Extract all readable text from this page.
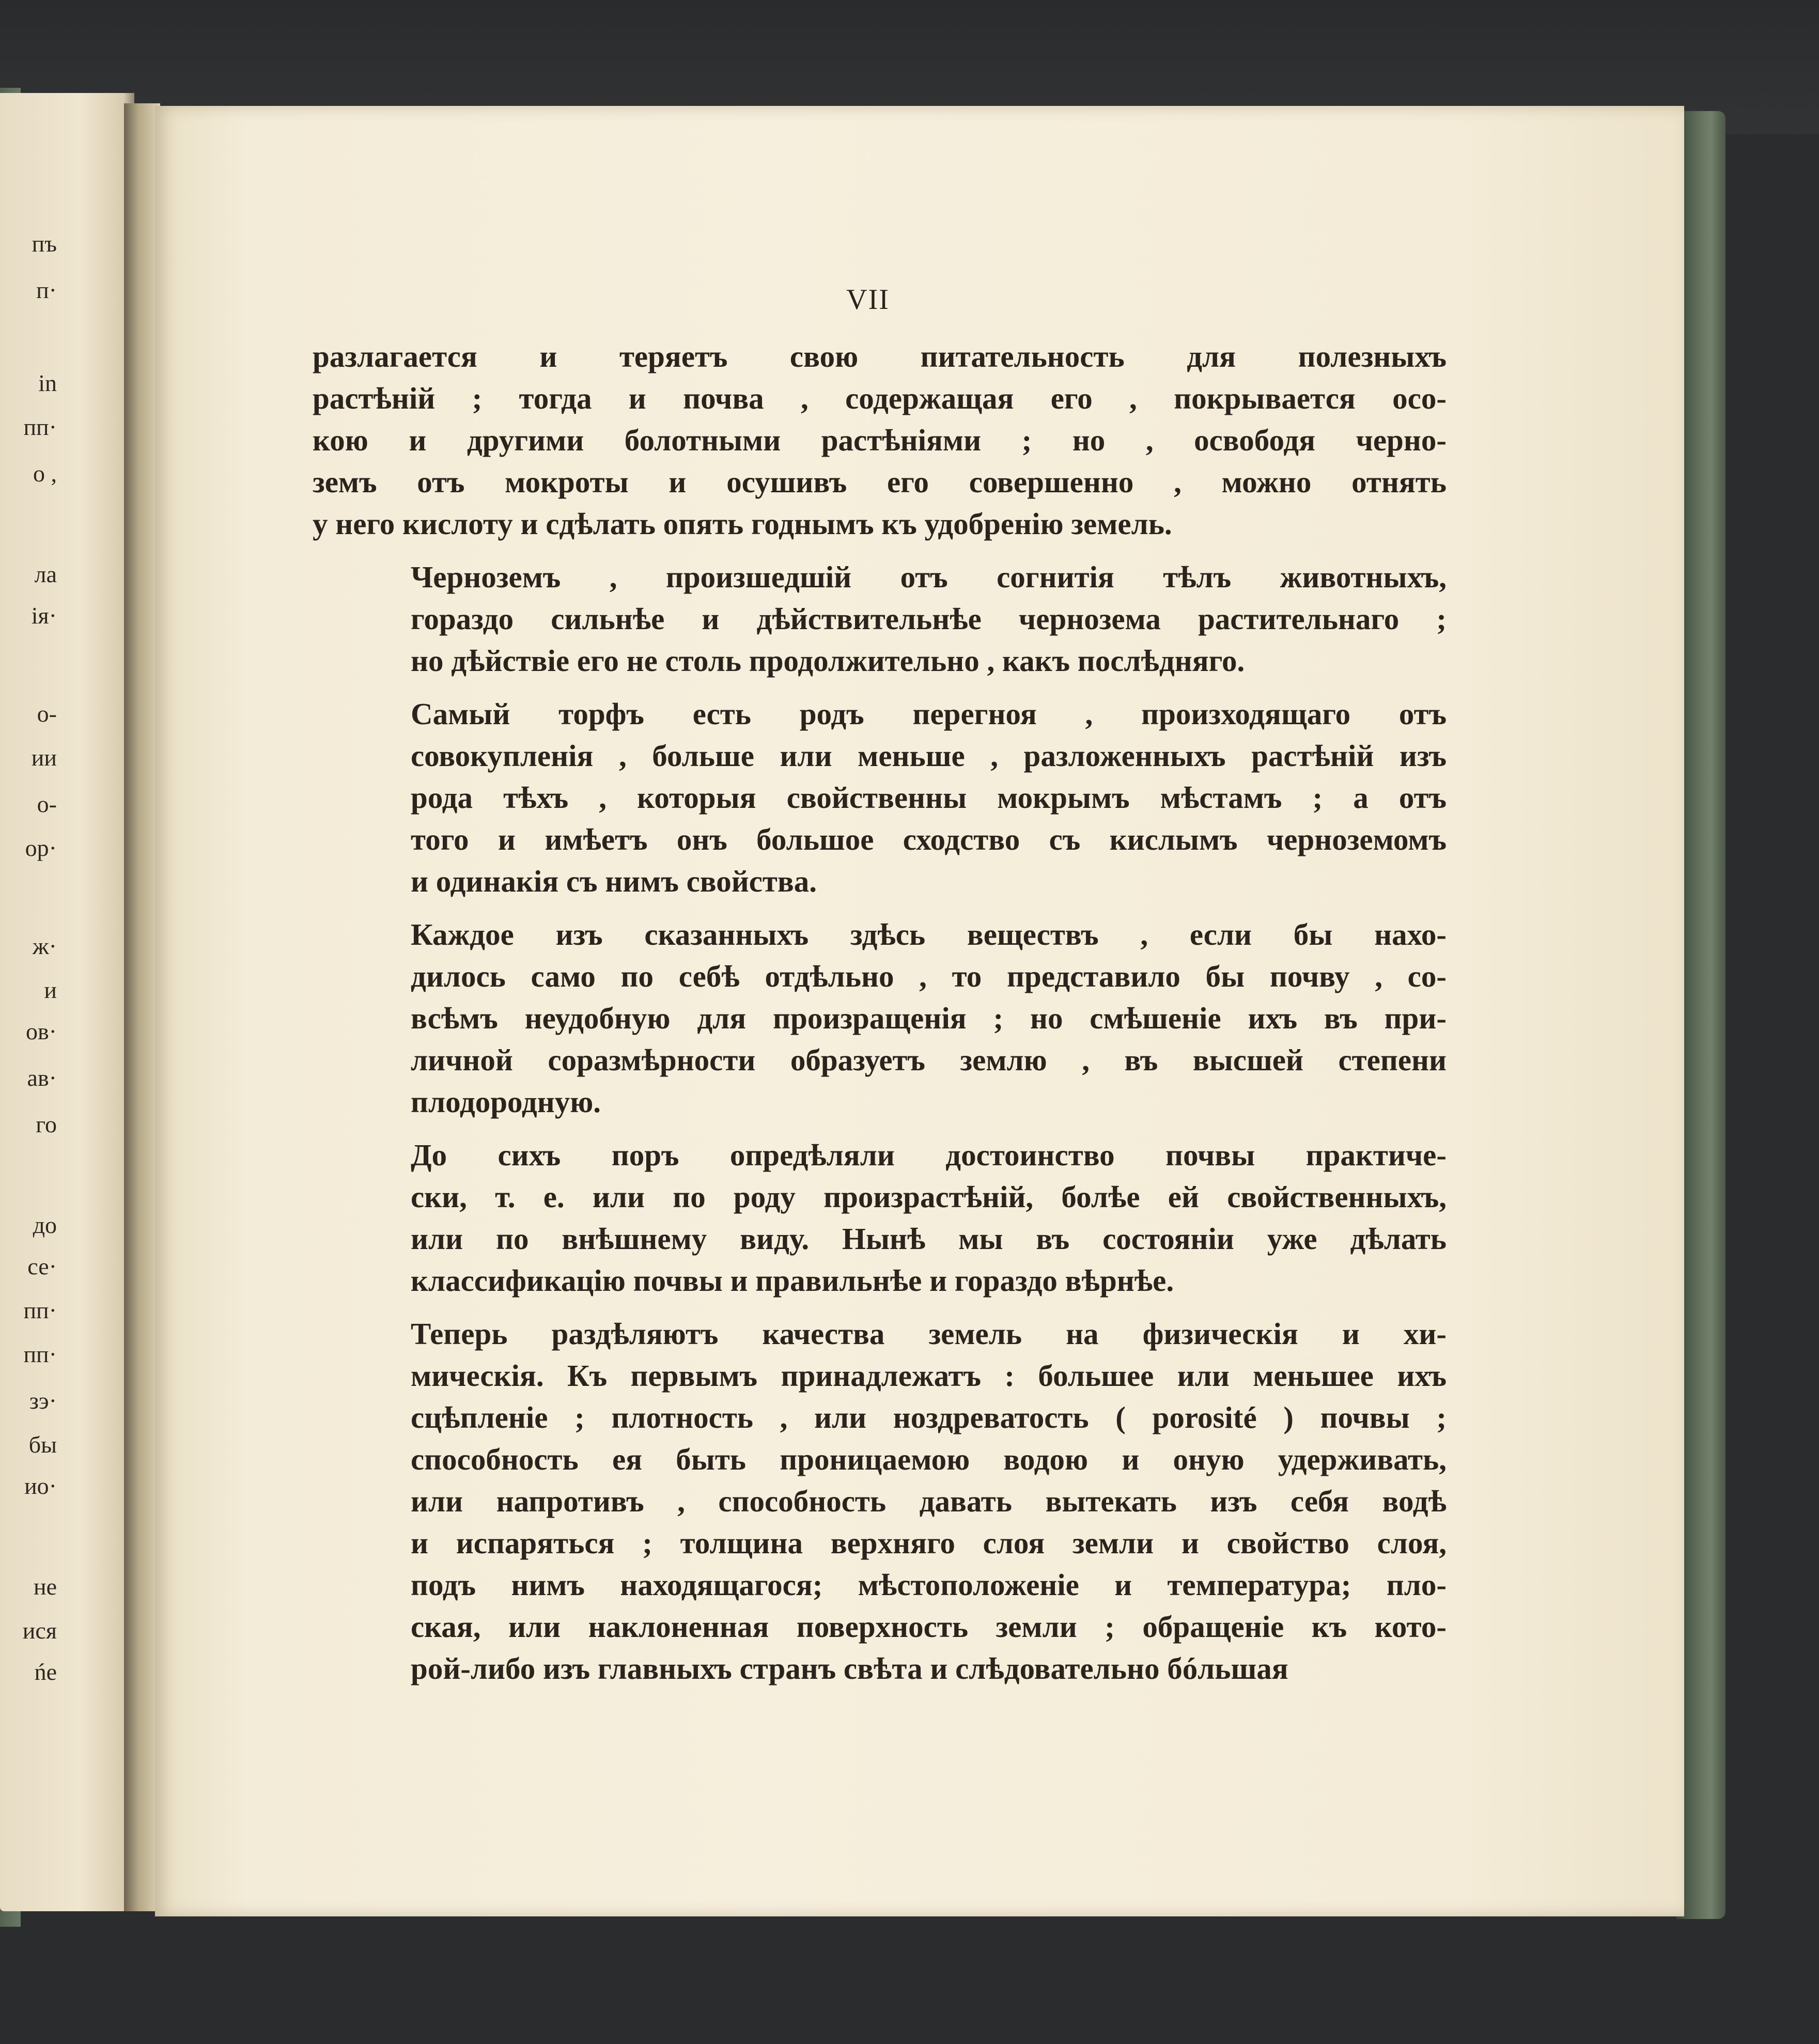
пъ
п·
in
пп·
о ,
ла
ія·
о-
ии
о-
ор·
ж·
и
ов·
ав·
го
до
се·
пп·
пп·
зэ·
бы
ио·
не
ися
ńе
VII
разлагается и теряетъ свою питательность для полезныхъ
растѣній ; тогда и почва , содержащая его , покрывается осо-
кою и другими болотными растѣніями ; но , освободя черно-
земъ отъ мокроты и осушивъ его совершенно , можно отнять
у него кислоту и сдѣлать опять годнымъ къ удобренію земель.
Черноземъ , произшедшій отъ согнитія тѣлъ животныхъ,
гораздо сильнѣе и дѣйствительнѣе чернозема растительнаго ;
но дѣйствіе его не столь продолжительно , какъ послѣдняго.
Самый торфъ есть родъ перегноя , произходящаго отъ
совокупленія , больше или меньше , разложенныхъ растѣній изъ
рода тѣхъ , которыя свойственны мокрымъ мѣстамъ ; а отъ
того и имѣетъ онъ большое сходство съ кислымъ черноземомъ
и одинакія съ нимъ свойства.
Каждое изъ сказанныхъ здѣсь веществъ , если бы нахо-
дилось само по себѣ отдѣльно , то представило бы почву , со-
всѣмъ неудобную для произращенія ; но смѣшеніе ихъ въ при-
личной соразмѣрности образуетъ землю , въ высшей степени
плодородную.
До сихъ поръ опредѣляли достоинство почвы практиче-
ски, т. е. или по роду произрастѣній, болѣе ей свойственныхъ,
или по внѣшнему виду. Нынѣ мы въ состояніи уже дѣлать
классификацію почвы и правильнѣе и гораздо вѣрнѣе.
Теперь раздѣляютъ качества земель на физическія и хи-
мическія. Къ первымъ принадлежатъ : большее или меньшее ихъ
сцѣпленіе ; плотность , или ноздреватость ( porosité ) почвы ;
способность ея быть проницаемою водою и оную удерживать,
или напротивъ , способность давать вытекать изъ себя водѣ
и испаряться ; толщина верхняго слоя земли и свойство слоя,
подъ нимъ находящагося; мѣстоположеніе и температура; пло-
ская, или наклоненная поверхность земли ; обращеніе къ кото-
рой-либо изъ главныхъ странъ свѣта и слѣдовательно бóльшая
